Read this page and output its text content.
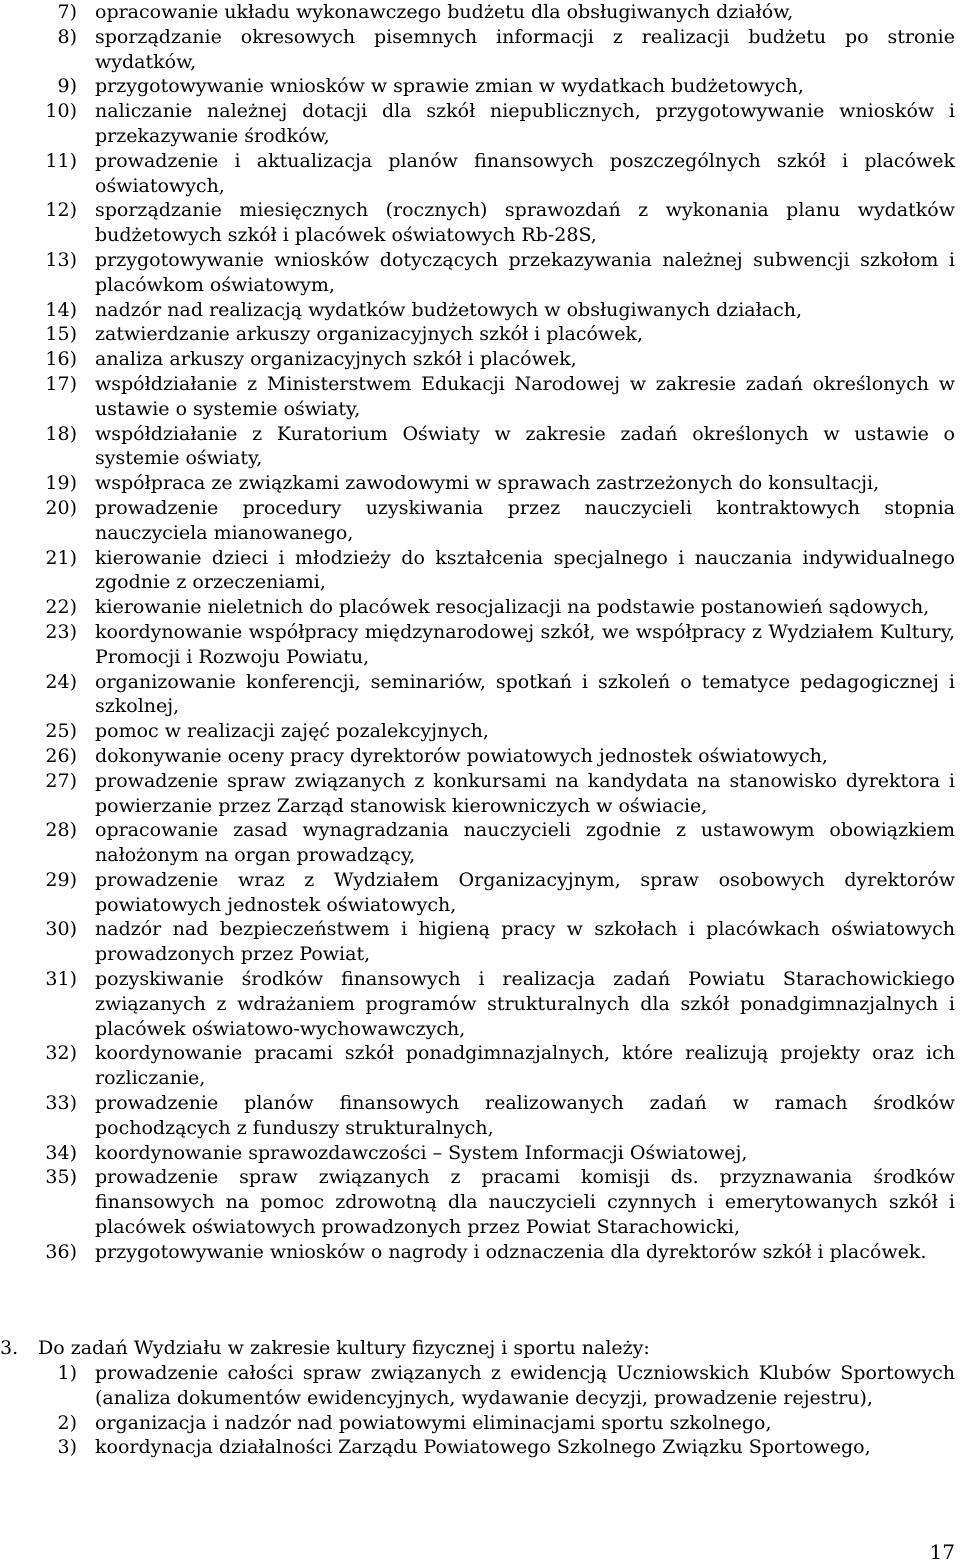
7) opracowanie układu wykonawczego budżetu dla obsługiwanych działów,
8) sporządzanie okresowych pisemnych informacji z realizacji budżetu po stronie wydatków,
9) przygotowywanie wniosków w sprawie zmian w wydatkach budżetowych,
10) naliczanie należnej dotacji dla szkół niepublicznych, przygotowywanie wniosków i przekazywanie środków,
11) prowadzenie i aktualizacja planów finansowych poszczególnych szkół i placówek oświatowych,
12) sporządzanie miesięcznych (rocznych) sprawozdań z wykonania planu wydatków budżetowych szkół i placówek oświatowych Rb-28S,
13) przygotowywanie wniosków dotyczących przekazywania należnej subwencji szkołom i placówkom oświatowym,
14) nadzór nad realizacją wydatków budżetowych w obsługiwanych działach,
15) zatwierdzanie arkuszy organizacyjnych szkół i placówek,
16) analiza arkuszy organizacyjnych szkół i placówek,
17) współdziałanie z Ministerstwem Edukacji Narodowej w zakresie zadań określonych w ustawie o systemie oświaty,
18) współdziałanie z Kuratorium Oświaty w zakresie zadań określonych w ustawie o systemie oświaty,
19) współpraca ze związkami zawodowymi w sprawach zastrzeżonych do konsultacji,
20) prowadzenie procedury uzyskiwania przez nauczycieli kontraktowych stopnia nauczyciela mianowanego,
21) kierowanie dzieci i młodzieży do kształcenia specjalnego i nauczania indywidualnego zgodnie z orzeczeniami,
22) kierowanie nieletnich do placówek resocjalizacji na podstawie postanowień sądowych,
23) koordynowanie współpracy międzynarodowej szkół, we współpracy z Wydziałem Kultury, Promocji i Rozwoju Powiatu,
24) organizowanie konferencji, seminariów, spotkań i szkoleń o tematyce pedagogicznej i szkolnej,
25) pomoc w realizacji zajęć pozalekcyjnych,
26) dokonywanie oceny pracy dyrektorów powiatowych jednostek oświatowych,
27) prowadzenie spraw związanych z konkursami na kandydata na stanowisko dyrektora i powierzanie przez Zarząd stanowisk kierowniczych w oświacie,
28) opracowanie zasad wynagradzania nauczycieli zgodnie z ustawowym obowiązkiem nałożonym na organ prowadzący,
29) prowadzenie wraz z Wydziałem Organizacyjnym, spraw osobowych dyrektorów powiatowych jednostek oświatowych,
30) nadzór nad bezpieczeństwem i higieną pracy w szkołach i placówkach oświatowych prowadzonych przez Powiat,
31) pozyskiwanie środków finansowych i realizacja zadań Powiatu Starachowickiego związanych z wdrażaniem programów strukturalnych dla szkół ponadgimnazjalnych i placówek oświatowo-wychowawczych,
32) koordynowanie pracami szkół ponadgimnazjalnych, które realizują projekty oraz ich rozliczanie,
33) prowadzenie planów finansowych realizowanych zadań w ramach środków pochodzących z funduszy strukturalnych,
34) koordynowanie sprawozdawczości – System Informacji Oświatowej,
35) prowadzenie spraw związanych z pracami komisji ds. przyznawania środków finansowych na pomoc zdrowotną dla nauczycieli czynnych i emerytowanych szkół i placówek oświatowych prowadzonych przez Powiat Starachowicki,
36) przygotowywanie wniosków o nagrody i odznaczenia dla dyrektorów szkół i placówek.
3. Do zadań Wydziału w zakresie kultury fizycznej i sportu należy:
1) prowadzenie całości spraw związanych z ewidencją Uczniowskich Klubów Sportowych (analiza dokumentów ewidencyjnych, wydawanie decyzji, prowadzenie rejestru),
2) organizacja i nadzór nad powiatowymi eliminacjami sportu szkolnego,
3) koordynacja działalności Zarządu Powiatowego Szkolnego Związku Sportowego,
17
